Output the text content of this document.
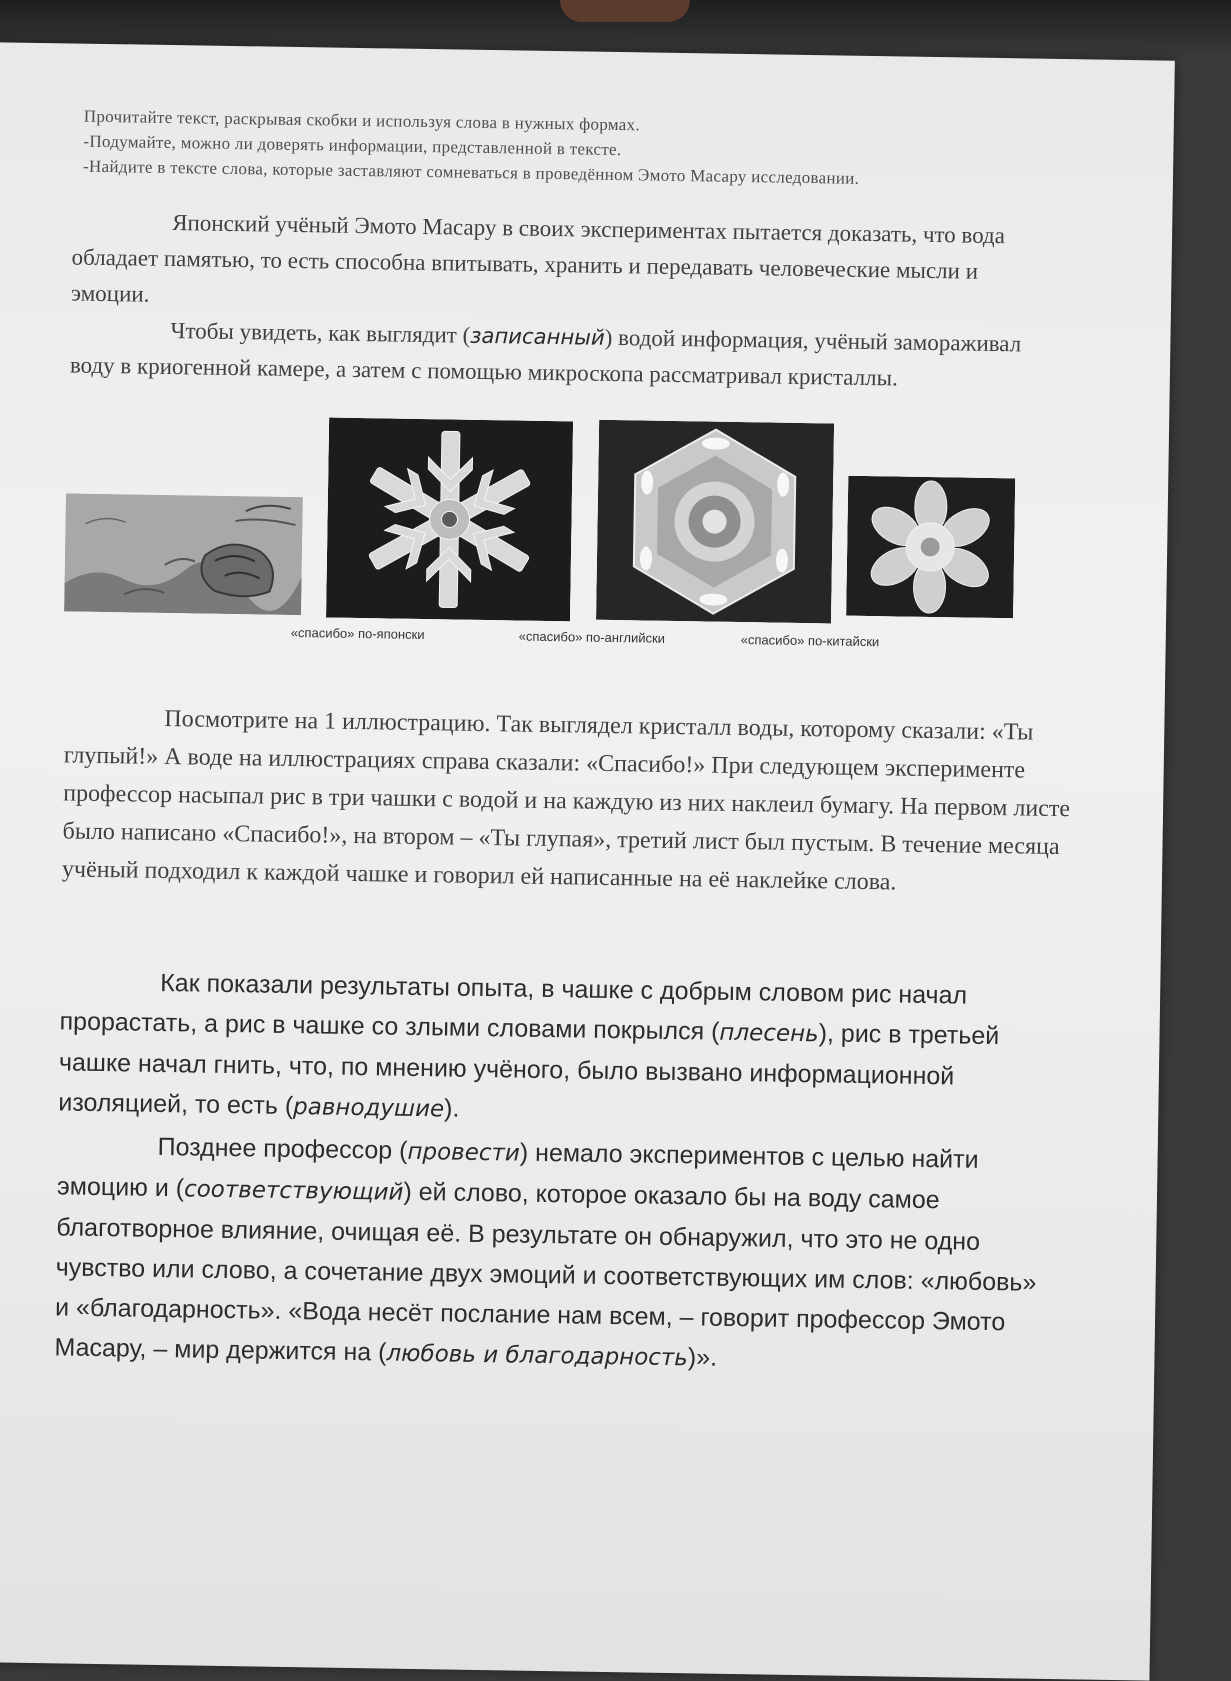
Прочитайте текст, раскрывая скобки и используя слова в нужных формах.
-Подумайте, можно ли доверять информации, представленной в тексте.
-Найдите в тексте слова, которые заставляют сомневаться в проведённом Эмото Масару исследовании.
Японский учёный Эмото Масару в своих экспериментах пытается доказать, что вода обладает памятью, то есть способна впитывать, хранить и передавать человеческие мысли и эмоции.
Чтобы увидеть, как выглядит (записанный) водой информация, учёный замораживал воду в криогенной камере, а затем с помощью микроскопа рассматривал кристаллы.
«спасибо» по-японски	«спасибо» по-английски	«спасибо» по-китайски
Посмотрите на 1 иллюстрацию. Так выглядел кристалл воды, которому сказали: «Ты глупый!» А воде на иллюстрациях справа сказали: «Спасибо!» При следующем эксперименте профессор насыпал рис в три чашки с водой и на каждую из них наклеил бумагу. На первом листе было написано «Спасибо!», на втором – «Ты глупая», третий лист был пустым. В течение месяца учёный подходил к каждой чашке и говорил ей написанные на её наклейке слова.
Как показали результаты опыта, в чашке с добрым словом рис начал прорастать, а рис в чашке со злыми словами покрылся (плесень), рис в третьей чашке начал гнить, что, по мнению учёного, было вызвано информационной изоляцией, то есть (равнодушие).
Позднее профессор (провести) немало экспериментов с целью найти эмоцию и (соответствующий) ей слово, которое оказало бы на воду самое благотворное влияние, очищая её. В результате он обнаружил, что это не одно чувство или слово, а сочетание двух эмоций и соответствующих им слов: «любовь» и «благодарность». «Вода несёт послание нам всем, – говорит профессор Эмото Масару, – мир держится на (любовь и благодарность)».
